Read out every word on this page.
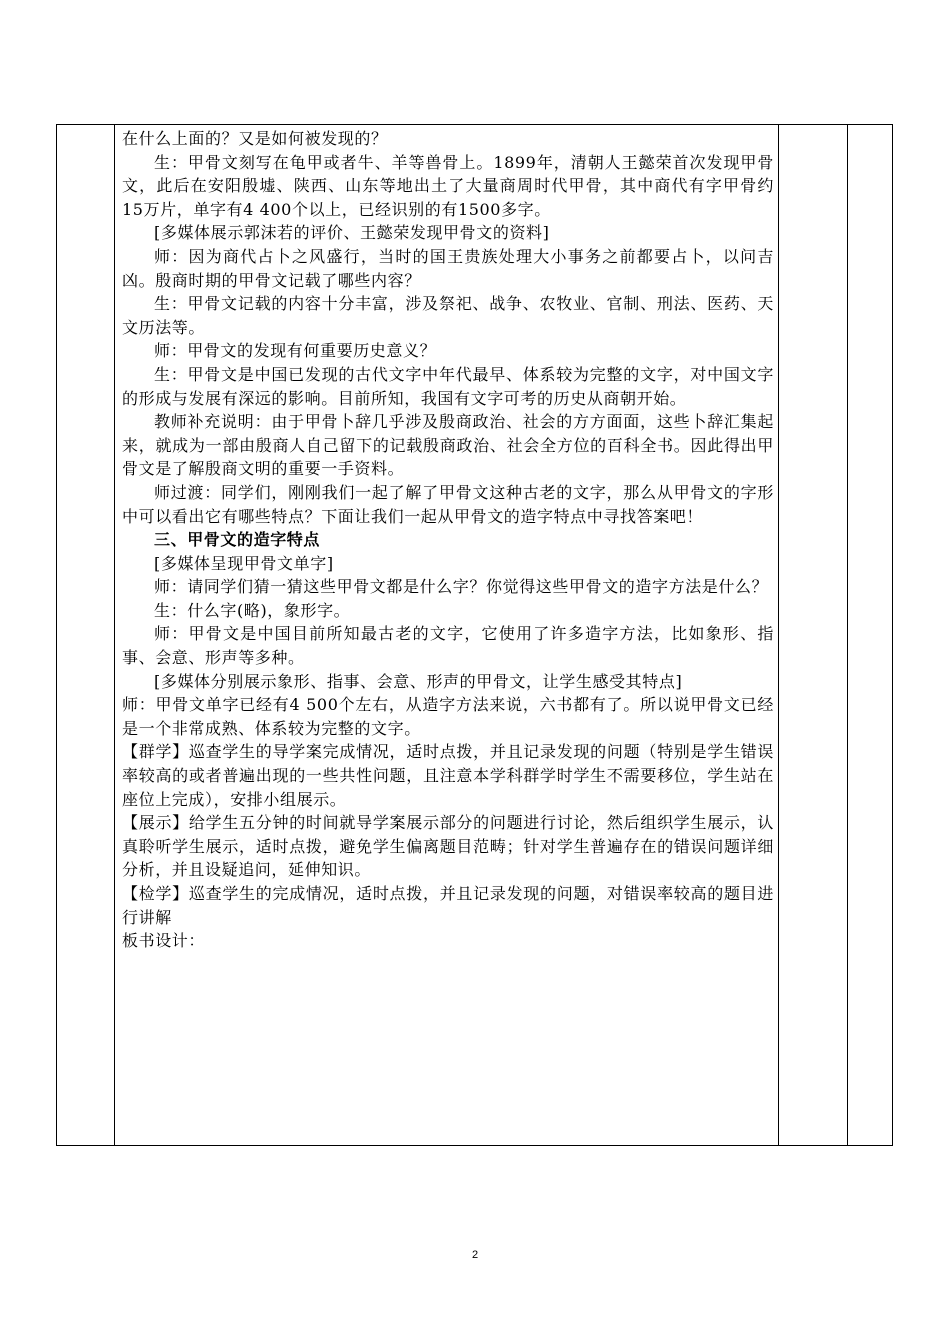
在什么上面的？又是如何被发现的？

生：甲骨文刻写在龟甲或者牛、羊等兽骨上。1899年，清朝人王懿荣首次发现甲骨文，此后在安阳殷墟、陕西、山东等地出土了大量商周时代甲骨，其中商代有字甲骨约15万片，单字有4 400个以上，已经识别的有1500多字。

[多媒体展示郭沫若的评价、王懿荣发现甲骨文的资料]

师：因为商代占卜之风盛行，当时的国王贵族处理大小事务之前都要占卜，以问吉凶。殷商时期的甲骨文记载了哪些内容？

生：甲骨文记载的内容十分丰富，涉及祭祀、战争、农牧业、官制、刑法、医药、天文历法等。

师：甲骨文的发现有何重要历史意义？

生：甲骨文是中国已发现的古代文字中年代最早、体系较为完整的文字，对中国文字的形成与发展有深远的影响。目前所知，我国有文字可考的历史从商朝开始。

教师补充说明：由于甲骨卜辞几乎涉及殷商政治、社会的方方面面，这些卜辞汇集起来，就成为一部由殷商人自己留下的记载殷商政治、社会全方位的百科全书。因此得出甲骨文是了解殷商文明的重要一手资料。

师过渡：同学们，刚刚我们一起了解了甲骨文这种古老的文字，那么从甲骨文的字形中可以看出它有哪些特点？下面让我们一起从甲骨文的造字特点中寻找答案吧！

三、甲骨文的造字特点

[多媒体呈现甲骨文单字]

师：请同学们猜一猜这些甲骨文都是什么字？你觉得这些甲骨文的造字方法是什么？

生：什么字(略)，象形字。

师：甲骨文是中国目前所知最古老的文字，它使用了许多造字方法，比如象形、指事、会意、形声等多种。

[多媒体分别展示象形、指事、会意、形声的甲骨文，让学生感受其特点]

师：甲骨文单字已经有4 500个左右，从造字方法来说，六书都有了。所以说甲骨文已经是一个非常成熟、体系较为完整的文字。

【群学】巡查学生的导学案完成情况，适时点拨，并且记录发现的问题（特别是学生错误率较高的或者普遍出现的一些共性问题，且注意本学科群学时学生不需要移位，学生站在座位上完成），安排小组展示。

【展示】给学生五分钟的时间就导学案展示部分的问题进行讨论，然后组织学生展示，认真聆听学生展示，适时点拨，避免学生偏离题目范畴；针对学生普遍存在的错误问题详细分析，并且设疑追问，延伸知识。

【检学】巡查学生的完成情况，适时点拨，并且记录发现的问题，对错误率较高的题目进行讲解

板书设计：

2
